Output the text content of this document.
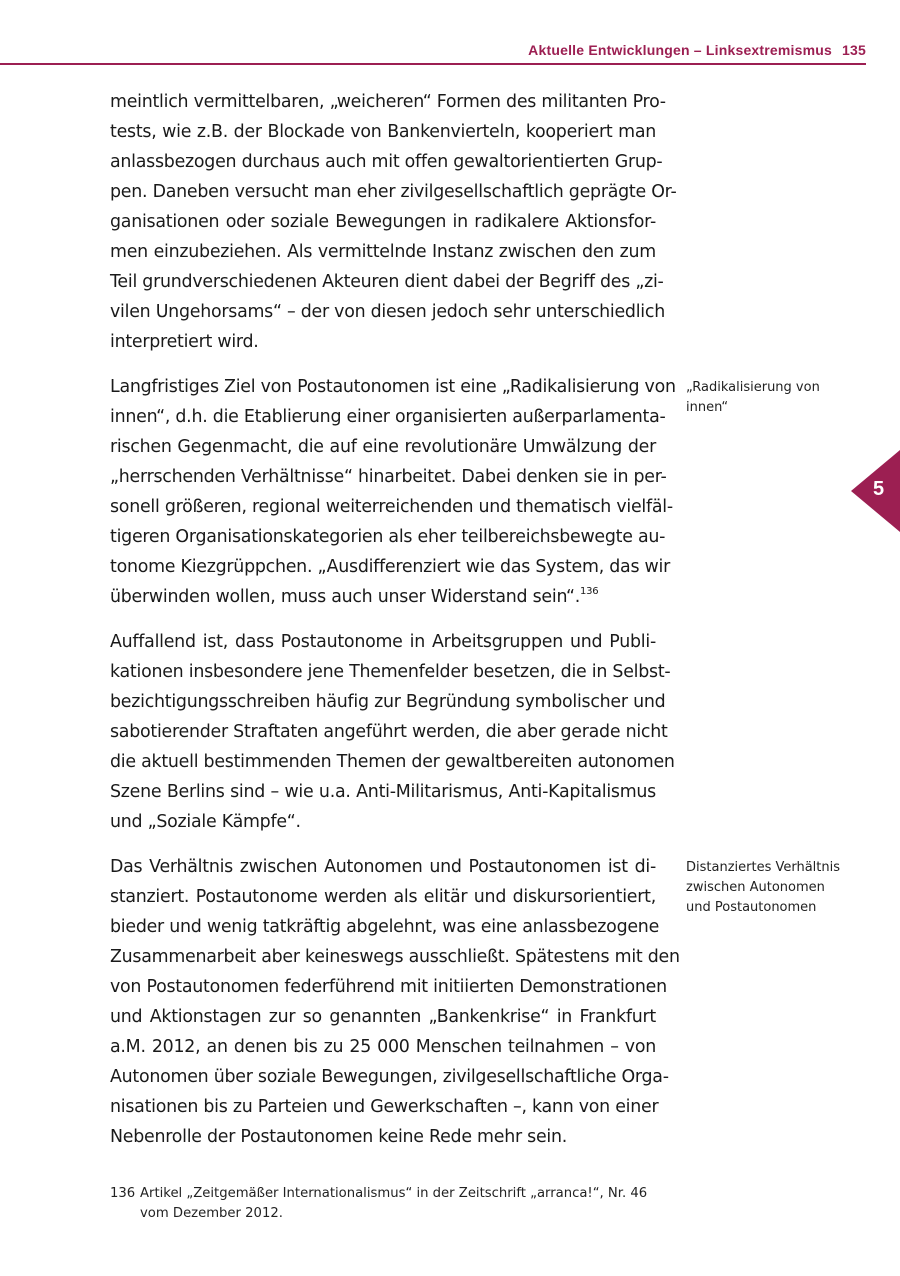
Aktuelle Entwicklungen – Linksextremismus 135

meintlich vermittelbaren, „weicheren“ Formen des militanten Pro-
tests, wie z.B. der Blockade von Bankenvierteln, kooperiert man
anlassbezogen durchaus auch mit offen gewaltorientierten Grup-
pen. Daneben versucht man eher zivilgesellschaftlich geprägte Or-
ganisationen oder soziale Bewegungen in radikalere Aktionsfor-
men einzubeziehen. Als vermittelnde Instanz zwischen den zum
Teil grundverschiedenen Akteuren dient dabei der Begriff des „zi-
vilen Ungehorsams“ – der von diesen jedoch sehr unterschiedlich
interpretiert wird.

Langfristiges Ziel von Postautonomen ist eine „Radikalisierung von
innen“, d.h. die Etablierung einer organisierten außerparlamenta-
rischen Gegenmacht, die auf eine revolutionäre Umwälzung der
„herrschenden Verhältnisse“ hinarbeitet. Dabei denken sie in per-
sonell größeren, regional weiterreichenden und thematisch vielfäl-
tigeren Organisationskategorien als eher teilbereichsbewegte au-
tonome Kiezgrüppchen. „Ausdifferenziert wie das System, das wir
überwinden wollen, muss auch unser Widerstand sein“.$^{136}$

Auffallend ist, dass Postautonome in Arbeitsgruppen und Publi-
kationen insbesondere jene Themenfelder besetzen, die in Selbst-
bezichtigungsschreiben häufig zur Begründung symbolischer und
sabotierender Straftaten angeführt werden, die aber gerade nicht
die aktuell bestimmenden Themen der gewaltbereiten autonomen
Szene Berlins sind – wie u.a. Anti-Militarismus, Anti-Kapitalismus
und „Soziale Kämpfe“.

Das Verhältnis zwischen Autonomen und Postautonomen ist di-
stanziert. Postautonome werden als elitär und diskursorientiert,
bieder und wenig tatkräftig abgelehnt, was eine anlassbezogene
Zusammenarbeit aber keineswegs ausschließt. Spätestens mit den
von Postautonomen federführend mit initiierten Demonstrationen
und Aktionstagen zur so genannten „Bankenkrise“ in Frankfurt
a.M. 2012, an denen bis zu 25 000 Menschen teilnahmen – von
Autonomen über soziale Bewegungen, zivilgesellschaftliche Orga-
nisationen bis zu Parteien und Gewerkschaften –, kann von einer
Nebenrolle der Postautonomen keine Rede mehr sein.

„Radikalisierung von
innen“
Distanziertes Verhältnis
zwischen Autonomen
und Postautonomen
5
136 Artikel „Zeitgemäßer Internationalismus“ in der Zeitschrift „arranca!“, Nr. 46
vom Dezember 2012.
